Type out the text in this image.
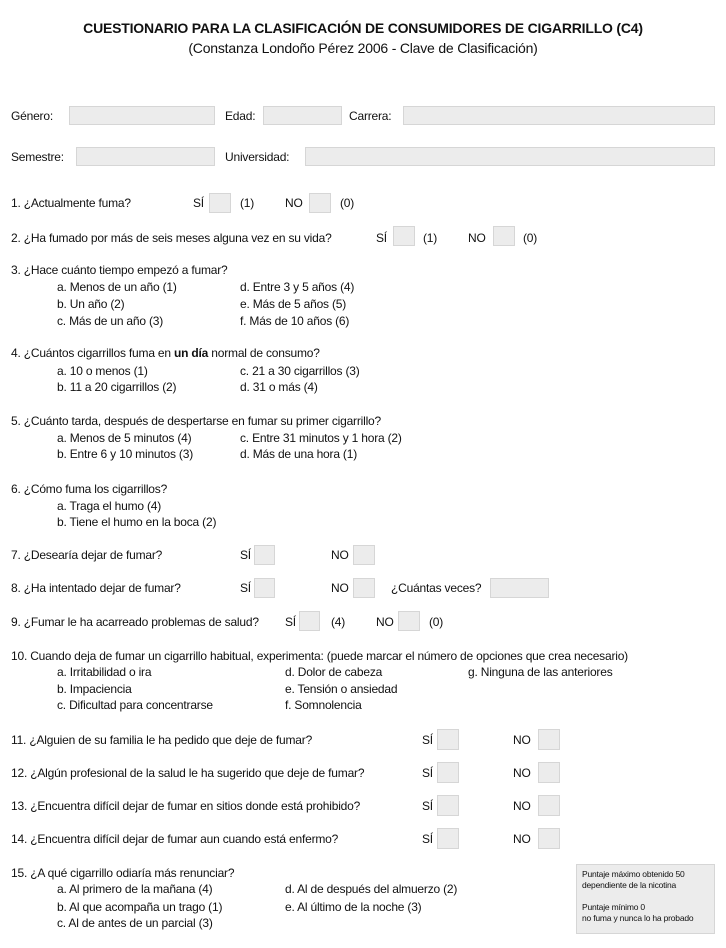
CUESTIONARIO PARA LA CLASIFICACIÓN DE CONSUMIDORES DE CIGARRILLO (C4)
(Constanza Londoño Pérez 2006 - Clave de Clasificación)
Género:	Edad:	Carrera:
Semestre:	Universidad:
1. ¿Actualmente fuma?	SÍ	(1)	NO	(0)
2. ¿Ha fumado por más de seis meses alguna vez en su vida?	SÍ	(1)	NO	(0)
3. ¿Hace cuánto tiempo empezó a fumar?
a. Menos de un año (1)
b. Un año (2)
c. Más de un año (3)
d. Entre 3 y 5 años (4)
e. Más de 5 años (5)
f. Más de 10 años (6)
4. ¿Cuántos cigarrillos fuma en un día normal de consumo?
a. 10 o menos (1)
b. 11 a 20 cigarrillos (2)
c. 21 a 30 cigarrillos (3)
d. 31 o más (4)
5. ¿Cuánto tarda, después de despertarse en fumar su primer cigarrillo?
a. Menos de 5 minutos (4)
b. Entre 6 y 10 minutos (3)
c. Entre 31 minutos y 1 hora (2)
d. Más de una hora (1)
6. ¿Cómo fuma los cigarrillos?
a. Traga el humo (4)
b. Tiene el humo en la boca (2)
7. ¿Desearía dejar de fumar?	SÍ	NO
8. ¿Ha intentado dejar de fumar?	SÍ	NO	¿Cuántas veces?
9. ¿Fumar le ha acarreado problemas de salud? SÍ	(4)	NO	(0)
10. Cuando deja de fumar un cigarrillo habitual, experimenta: (puede marcar el número de opciones que crea necesario)
a. Irritabilidad o ira
b. Impaciencia
c. Dificultad para concentrarse
d. Dolor de cabeza
e. Tensión o ansiedad
f. Somnolencia
g. Ninguna de las anteriores
11. ¿Alguien de su familia le ha pedido que deje de fumar?	SÍ	NO
12. ¿Algún profesional de la salud le ha sugerido que deje de fumar?	SÍ	NO
13. ¿Encuentra difícil dejar de fumar en sitios donde está prohibido?	SÍ	NO
14. ¿Encuentra difícil dejar de fumar aun cuando está enfermo?	SÍ	NO
15. ¿A qué cigarrillo odiaría más renunciar?
a. Al primero de la mañana (4)
b. Al que acompaña un trago (1)
c. Al de antes de un parcial (3)
d. Al de después del almuerzo (2)
e. Al último de la noche (3)
Puntaje máximo obtenido 50
dependiente de la nicotina
Puntaje mínimo 0
no fuma y nunca lo ha probado
